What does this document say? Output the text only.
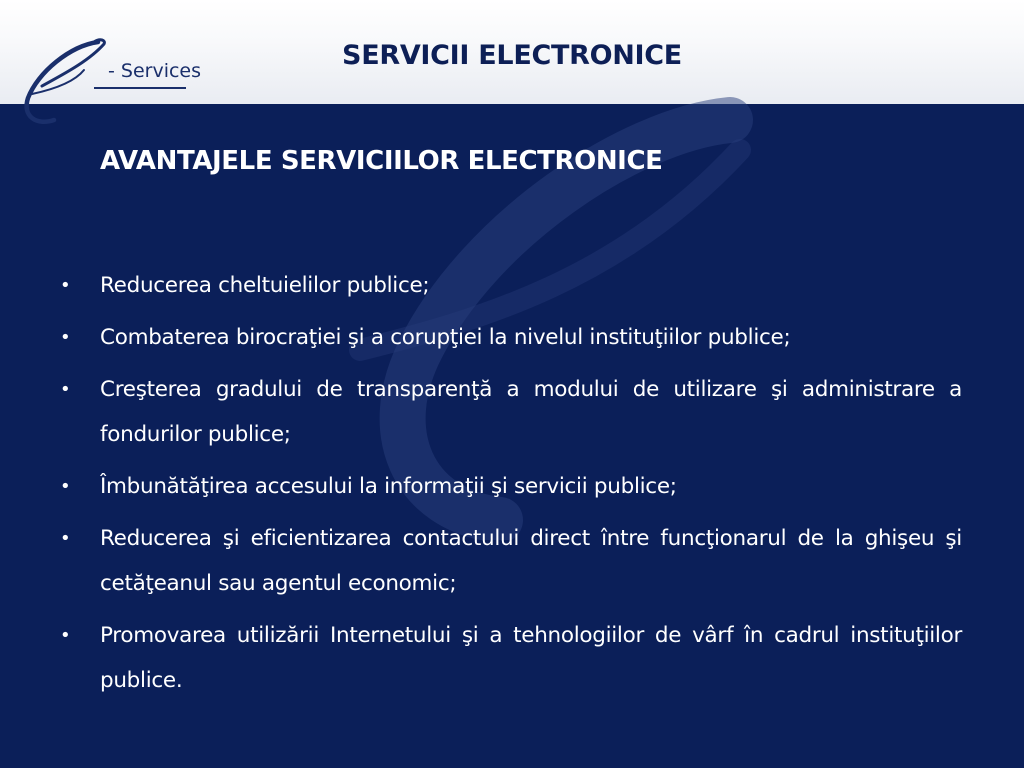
- Services	SERVICII ELECTRONICE
AVANTAJELE SERVICIILOR ELECTRONICE
• Reducerea cheltuielilor publice;
• Combaterea birocraţiei şi a corupţiei la nivelul instituţiilor publice;
• Creşterea gradului de transparenţă a modului de utilizare şi administrare a fondurilor publice;
• Îmbunătăţirea accesului la informaţii şi servicii publice;
• Reducerea şi eficientizarea contactului direct între funcţionarul de la ghişeu şi cetăţeanul sau agentul economic;
• Promovarea utilizării Internetului şi a tehnologiilor de vârf în cadrul instituţiilor publice.
